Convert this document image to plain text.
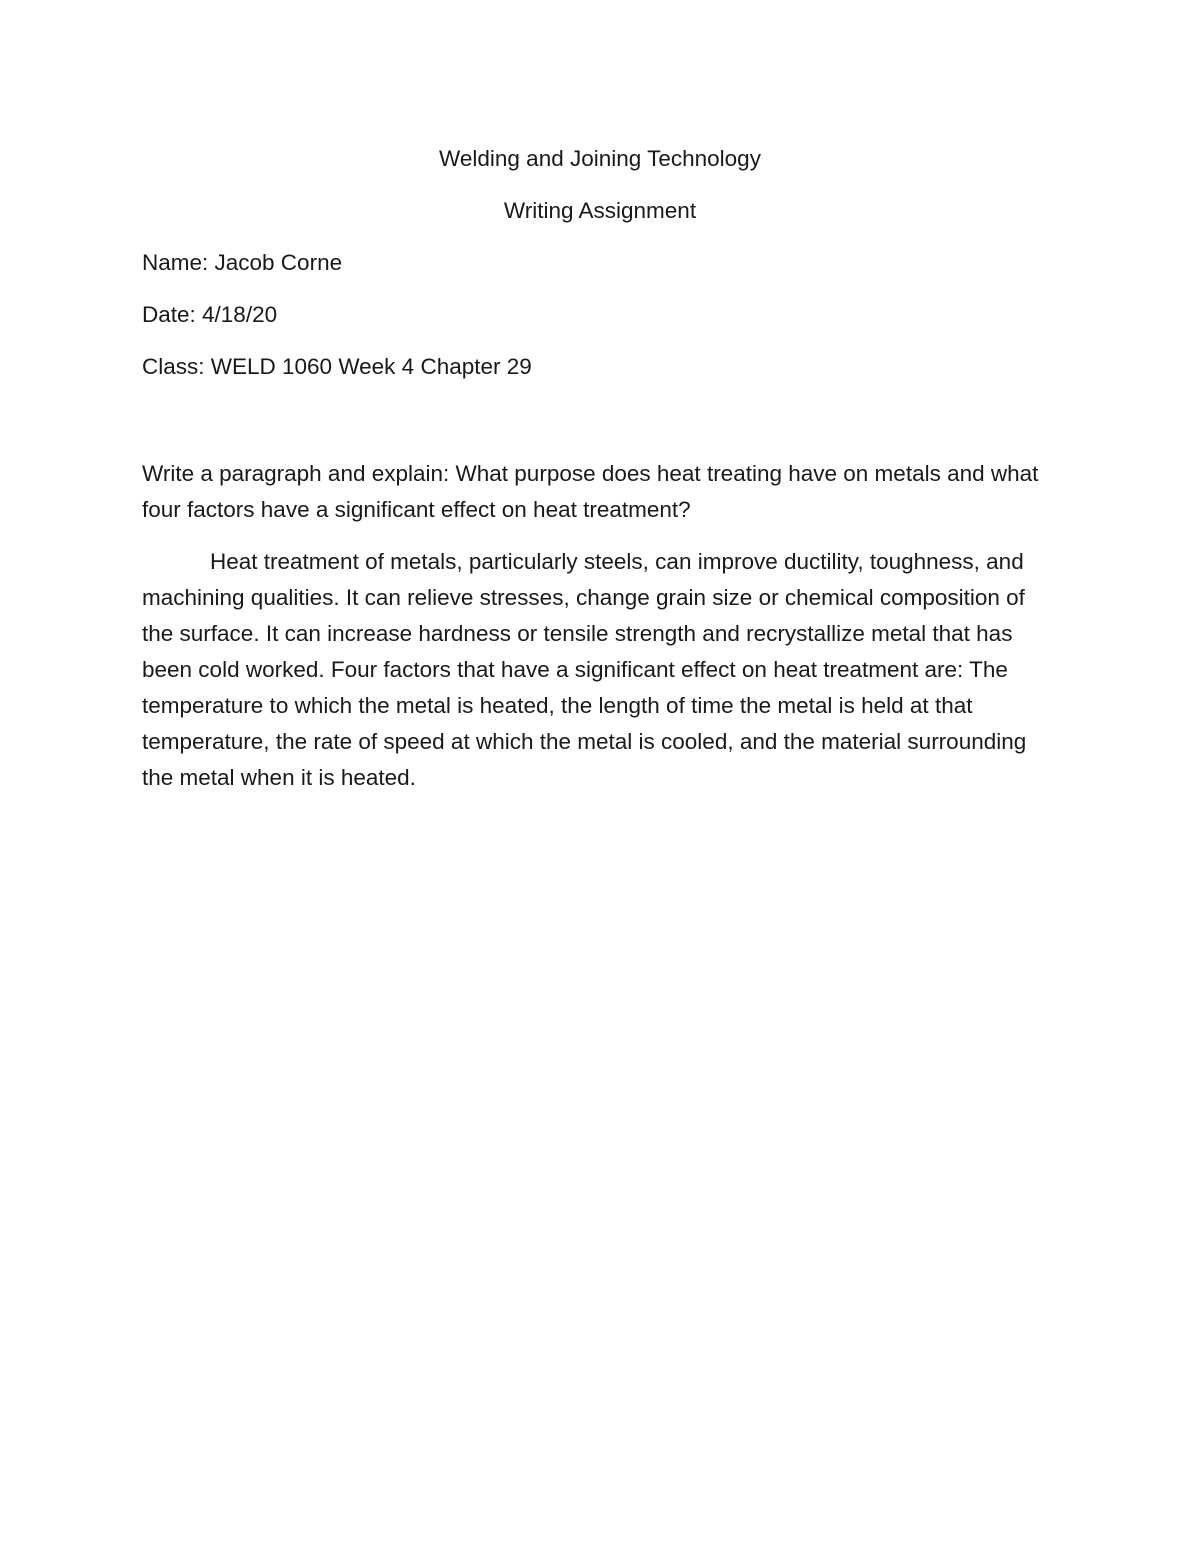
Welding and Joining Technology

Writing Assignment

Name: Jacob Corne

Date: 4/18/20

Class: WELD 1060 Week 4 Chapter 29

Write a paragraph and explain: What purpose does heat treating have on metals and what four factors have a significant effect on heat treatment?

Heat treatment of metals, particularly steels, can improve ductility, toughness, and machining qualities. It can relieve stresses, change grain size or chemical composition of the surface. It can increase hardness or tensile strength and recrystallize metal that has been cold worked. Four factors that have a significant effect on heat treatment are: The temperature to which the metal is heated, the length of time the metal is held at that temperature, the rate of speed at which the metal is cooled, and the material surrounding the metal when it is heated.
